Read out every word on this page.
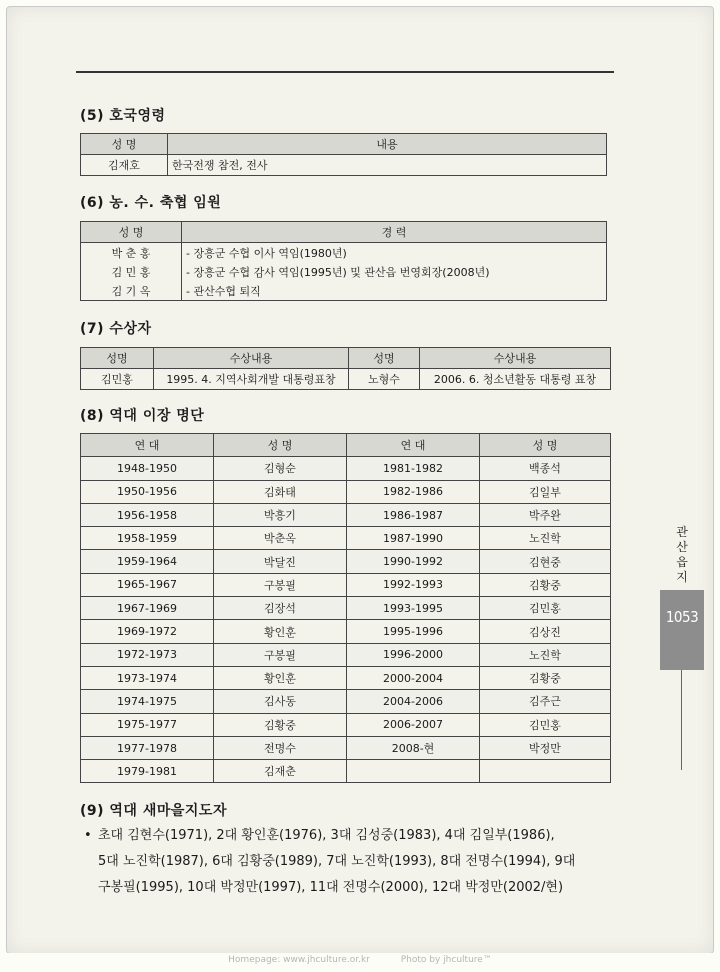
(5) 호국영령
성 명	내용
김재호	한국전쟁 참전, 전사
(6) 농. 수. 축협 임원
성 명	경 력
박 춘 홍	- 장흥군 수협 이사 역임(1980년)
김 민 홍	- 장흥군 수협 감사 역임(1995년) 및 관산읍 번영회장(2008년)
김 기 옥	- 관산수협 퇴직
(7) 수상자
성명	수상내용	성명	수상내용
김민홍	1995. 4. 지역사회개발 대통령표창	노형수	2006. 6. 청소년활동 대통령 표창
(8) 역대 이장 명단
연 대	성 명	연 대	성 명
1948-1950	김형순	1981-1982	백종석
1950-1956	김화태	1982-1986	김일부
1956-1958	박흥기	1986-1987	박주완
1958-1959	박춘옥	1987-1990	노진학
1959-1964	박달진	1990-1992	김현중
1965-1967	구봉필	1992-1993	김황중
1967-1969	김장석	1993-1995	김민홍
1969-1972	황인훈	1995-1996	김상진
1972-1973	구봉필	1996-2000	노진학
1973-1974	황인훈	2000-2004	김황중
1974-1975	김사동	2004-2006	김주근
1975-1977	김황중	2006-2007	김민홍
1977-1978	전명수	2008-현	박정만
1979-1981	김재춘		
(9) 역대 새마을지도자
• 초대 김현수(1971), 2대 황인훈(1976), 3대 김성중(1983), 4대 김일부(1986),
5대 노진학(1987), 6대 김황중(1989), 7대 노진학(1993), 8대 전명수(1994), 9대
구봉필(1995), 10대 박정만(1997), 11대 전명수(2000), 12대 박정만(2002/현)
관
산
읍
지
1053
Homepage: www.jhculture.or.kr	Photo by jhculture™
